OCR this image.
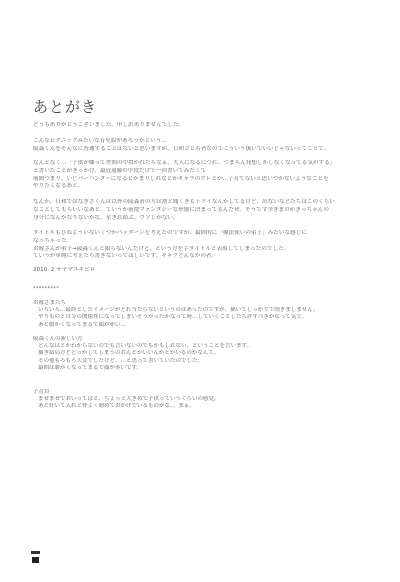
あとがき
どうもありがとうございました。申し訳ありませんでした。
こんなピクニックみたいな育児絵があろうかという…
陵森くんをそんなに普通することはないと思いますが、日和ゴと若者なのでこういう扱いでいいじゃないってことで。
なんとなく…「子供が嫌って世間の中置かれたらなぁ、大人になるにつれ、つまらん発想しかしなくなってる気がする」
と書いたことがきっかけ。最近遠藤の中段だけで一回書いてみたくて
展開つまり、いじバーハンターになるとかまりしれなとかキャラのアレとか…子育てないと思いつかないようなことを
やりたくなるあと。
なんか、日和ではなぎさくんは以外の陵森者の方は割と聞くきもトライなんかしてるけど、出ないなどたちはこのくらい
なことしてもらいいなあと、ていうか前提ファンタジーな形態に決まってるんだぜ。そうです全きまのがきっちゃんの
身分になんかなりないかな、星きれ結ぶ、ウソしかない。
タイトルもひねよういないくつかパッターンを考えたのですが、最終的に「魔法使いの弟子」みたいな感じに
なっちゃった。
お嫁さんが弟子→陵森くんと限らないんだけど、という方を手タイトルと表現してしまったのでした。
ていうか単純に考えたら書きないってほしいです。キャラどんなかの者。
2010. 2 サヤマユキヒロ
*********
お嫁さまたち
いろいろ…最終としたイメージがどれ当たらないというのはあったのですが、描いてしっかりで削ぎましません。
やりものと自分の関係性になってしまいそうかったかなって時…していくことしたら許すべきかなって気で。
あと暖かくなってまるで顔が赤い…
陵森くんの新しい方
どんなはとかわからないのでも言いないのでもかもしれない、ということを言います。
描き結局方どどっかしてしまうのおんとかいいんかとかいるのかなんて。
その他もろもろ大変でしたけど、…と思って書いていたのでした。
最期は暖かくなってまるで顔が赤いです。
子育員
まぜまぜでおいってばと、ちょっと大きめで子供っていうぐらいの感覚。
あと妊いて入れと仲よく勤めておかげでいるものかな、、まぁ。
